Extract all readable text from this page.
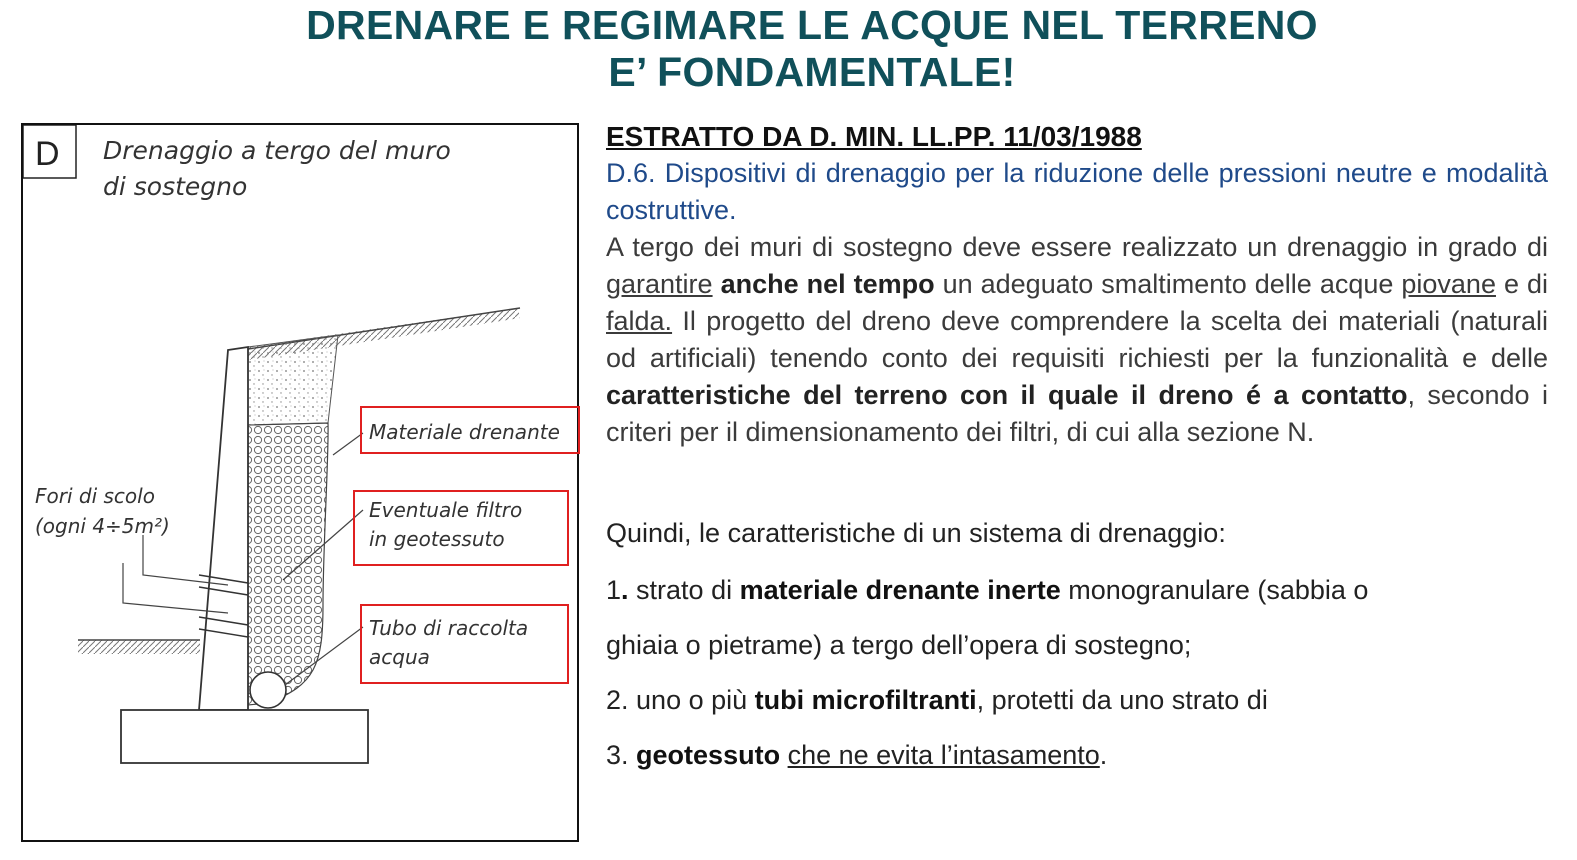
DRENARE E REGIMARE LE ACQUE NEL TERRENO
E’ FONDAMENTALE!
D Drenaggio a tergo del muro
di sostegno
Fori di scolo
(ogni 4÷5m²)
Materiale drenante
Eventuale filtro
in geotessuto
Tubo di raccolta
acqua
ESTRATTO DA D. MIN. LL.PP. 11/03/1988
D.6. Dispositivi di drenaggio per la riduzione delle pressioni neutre e modalità costruttive.
A tergo dei muri di sostegno deve essere realizzato un drenaggio in grado di garantire anche nel tempo un adeguato smaltimento delle acque piovane e di falda. Il progetto del dreno deve comprendere la scelta dei materiali (naturali od artificiali) tenendo conto dei requisiti richiesti per la funzionalità e delle caratteristiche del terreno con il quale il dreno é a contatto, secondo i criteri per il dimensionamento dei filtri, di cui alla sezione N.
Quindi, le caratteristiche di un sistema di drenaggio:
1. strato di materiale drenante inerte monogranulare (sabbia o
ghiaia o pietrame) a tergo dell’opera di sostegno;
2. uno o più tubi microfiltranti, protetti da uno strato di
3. geotessuto che ne evita l’intasamento.
